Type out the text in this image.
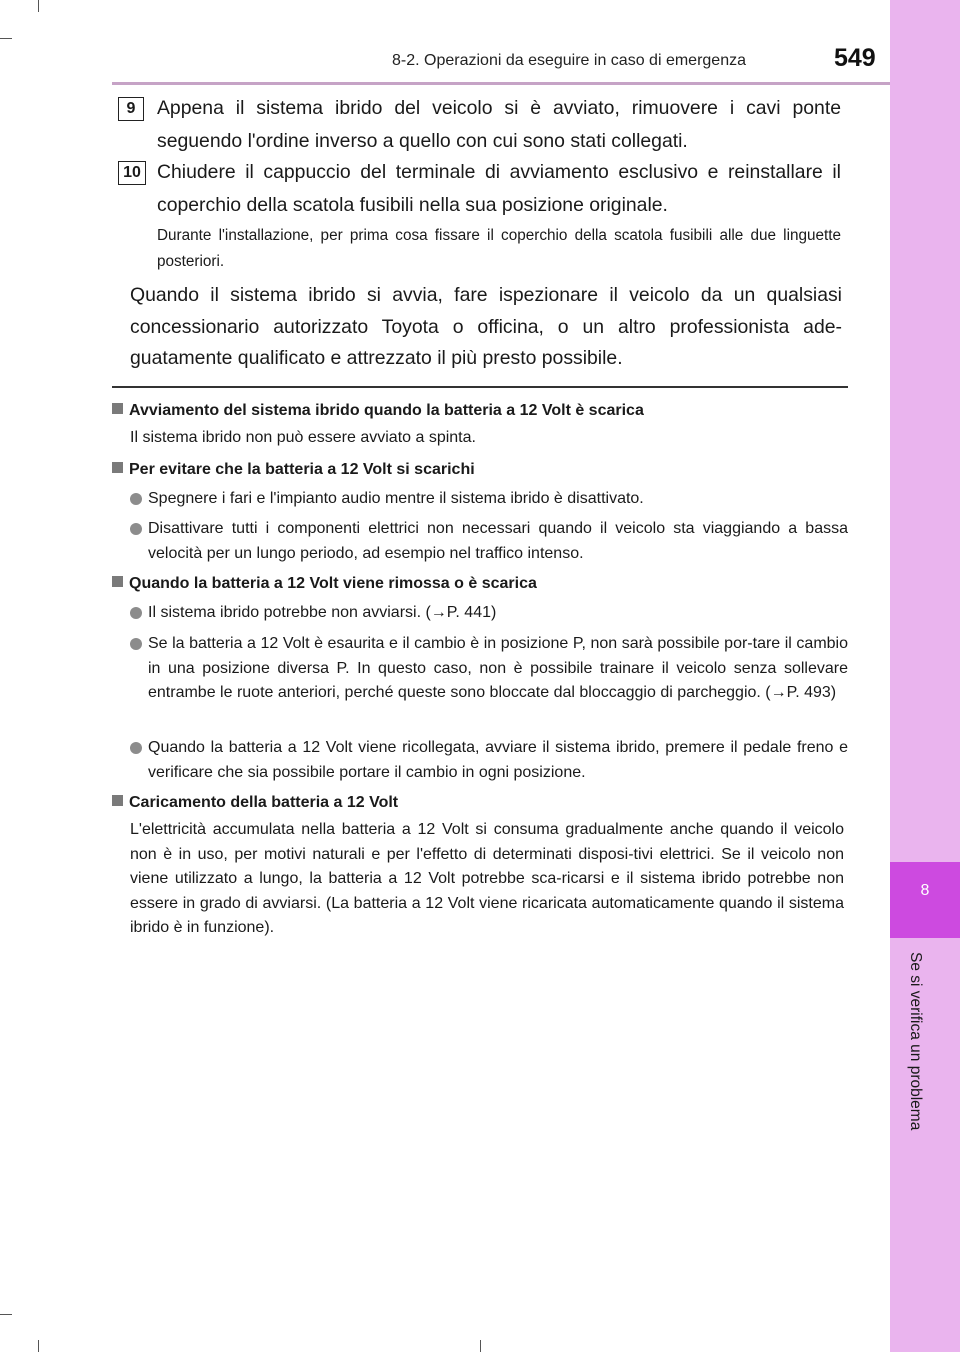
8
Se si verifica un problema
8-2. Operazioni da eseguire in caso di emergenza	549
9	Appena il sistema ibrido del veicolo si è avviato, rimuovere i cavi ponte seguendo l'ordine inverso a quello con cui sono stati collegati.
10 Chiudere il cappuccio del terminale di avviamento esclusivo e reinstallare il coperchio della scatola fusibili nella sua posizione originale.
Durante l'installazione, per prima cosa fissare il coperchio della scatola fusibili alle due linguette posteriori.
Quando il sistema ibrido si avvia, fare ispezionare il veicolo da un qualsiasi concessionario autorizzato Toyota o officina, o un altro professionista ade-guatamente qualificato e attrezzato il più presto possibile.
Avviamento del sistema ibrido quando la batteria a 12 Volt è scarica
Il sistema ibrido non può essere avviato a spinta.
Per evitare che la batteria a 12 Volt si scarichi
Spegnere i fari e l'impianto audio mentre il sistema ibrido è disattivato.
Disattivare tutti i componenti elettrici non necessari quando il veicolo sta viaggiando a bassa velocità per un lungo periodo, ad esempio nel traffico intenso.
Quando la batteria a 12 Volt viene rimossa o è scarica
Il sistema ibrido potrebbe non avviarsi. (→P. 441)
Se la batteria a 12 Volt è esaurita e il cambio è in posizione P, non sarà possibile por-tare il cambio in una posizione diversa P. In questo caso, non è possibile trainare il veicolo senza sollevare entrambe le ruote anteriori, perché queste sono bloccate dal bloccaggio di parcheggio. (→P. 493)
Quando la batteria a 12 Volt viene ricollegata, avviare il sistema ibrido, premere il pedale freno e verificare che sia possibile portare il cambio in ogni posizione.
Caricamento della batteria a 12 Volt
L'elettricità accumulata nella batteria a 12 Volt si consuma gradualmente anche quando il veicolo non è in uso, per motivi naturali e per l'effetto di determinati disposi-tivi elettrici. Se il veicolo non viene utilizzato a lungo, la batteria a 12 Volt potrebbe sca-ricarsi e il sistema ibrido potrebbe non essere in grado di avviarsi. (La batteria a 12 Volt viene ricaricata automaticamente quando il sistema ibrido è in funzione).
